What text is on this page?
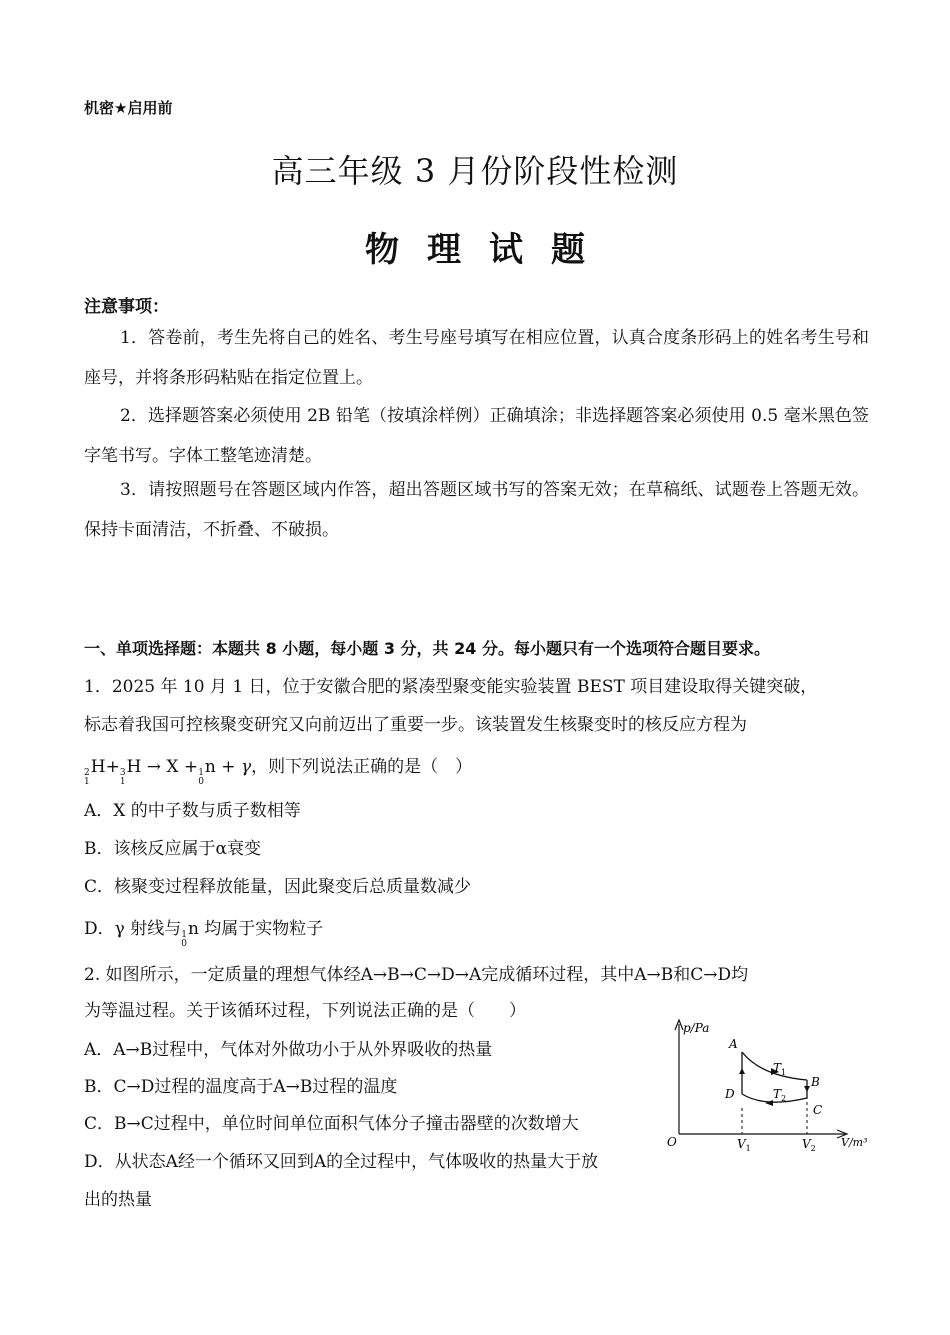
机密★启用前
高三年级 3 月份阶段性检测
物理试题
注意事项：
1．答卷前，考生先将自己的姓名、考生号座号填写在相应位置，认真合度条形码上的姓名考生号和座号，并将条形码粘贴在指定位置上。
2．选择题答案必须使用 2B 铅笔（按填涂样例）正确填涂；非选择题答案必须使用 0.5 毫米黑色签字笔书写。字体工整笔迹清楚。
3．请按照题号在答题区域内作答，超出答题区域书写的答案无效；在草稿纸、试题卷上答题无效。保持卡面清洁，不折叠、不破损。
一、单项选择题：本题共 8 小题，每小题 3 分，共 24 分。每小题只有一个选项符合题目要求。
1．2025 年 10 月 1 日，位于安徽合肥的紧凑型聚变能实验装置 BEST 项目建设取得关键突破，
标志着我国可控核聚变研究又向前迈出了重要一步。该装置发生核聚变时的核反应方程为
2
1
H+ 3
1
H → X + 1
0
n + γ，则下列说法正确的是（　）
A．X 的中子数与质子数相等
B．该核反应属于α衰变
C．核聚变过程释放能量，因此聚变后总质量数减少
D．γ 射线与 1
0
n 均属于实物粒子
2. 如图所示，一定质量的理想气体经A→B→C→D→A完成循环过程，其中A→B和C→D均
为等温过程。关于该循环过程，下列说法正确的是（　　）
A．A→B过程中，气体对外做功小于从外界吸收的热量
B．C→D过程的温度高于A→B过程的温度
C．B→C过程中，单位时间单位面积气体分子撞击器壁的次数增大
D．从状态A经一个循环又回到A的全过程中，气体吸收的热量大于放
出的热量
p/Pa
V/m³
O
A
B
C
D
$T_1$
$T_2$
$V_1$	$V_2$
